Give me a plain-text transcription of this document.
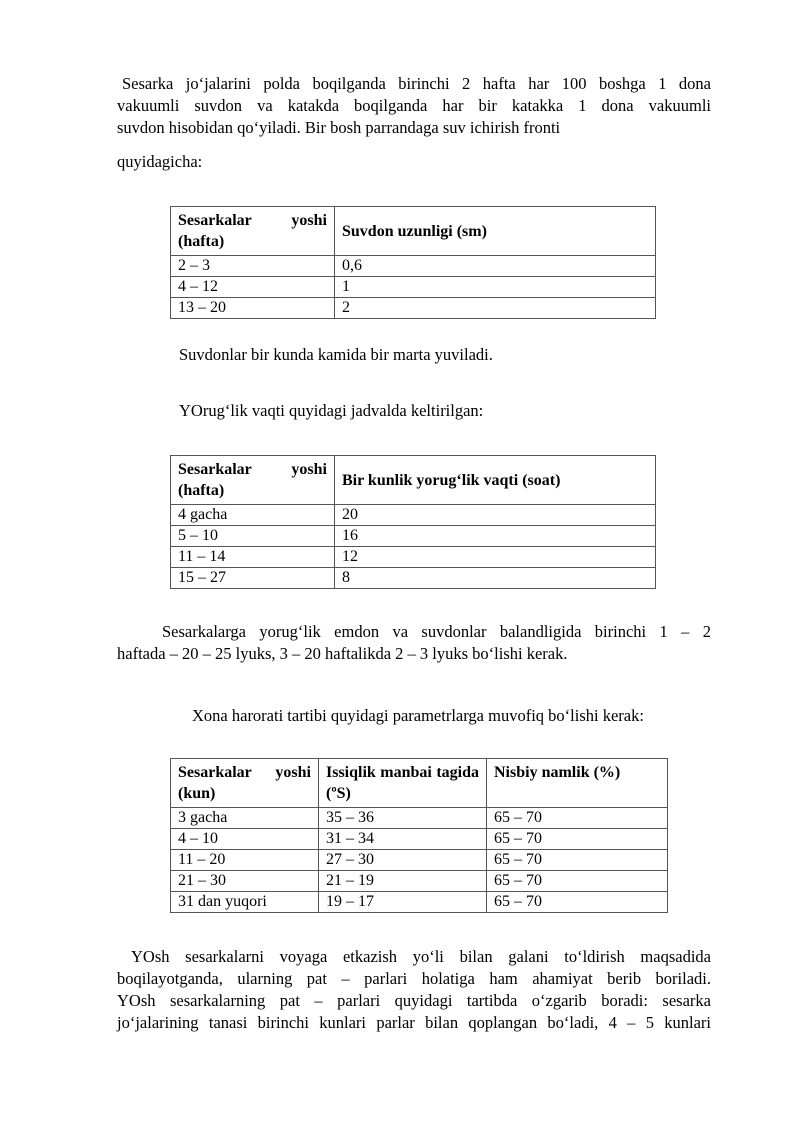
Sesarka jo‘jalarini polda boqilganda birinchi 2 hafta har 100 boshga 1 dona
vakuumli suvdon va katakda boqilganda har bir katakka 1 dona vakuumli
suvdon hisobidan qo‘yiladi. Bir bosh parrandaga suv ichirish fronti
quyidagicha:
Sesarkalar yoshi (hafta)	Suvdon uzunligi (sm)
2 – 3	0,6
4 – 12	1
13 – 20	2
Suvdonlar bir kunda kamida bir marta yuviladi.
YOrug‘lik vaqti quyidagi jadvalda keltirilgan:
Sesarkalar yoshi (hafta)	Bir kunlik yorug‘lik vaqti (soat)
4 gacha	20
5 – 10	16
11 – 14	12
15 – 27	8
Sesarkalarga yorug‘lik emdon va suvdonlar balandligida birinchi 1 – 2
haftada – 20 – 25 lyuks, 3 – 20 haftalikda 2 – 3 lyuks bo‘lishi kerak.
Xona harorati tartibi quyidagi parametrlarga muvofiq bo‘lishi kerak:
Sesarkalar yoshi (kun)	Issiqlik manbai tagida (ºS)	Nisbiy namlik (%)
3 gacha	35 – 36	65 – 70
4 – 10	31 – 34	65 – 70
11 – 20	27 – 30	65 – 70
21 – 30	21 – 19	65 – 70
31 dan yuqori	19 – 17	65 – 70
YOsh sesarkalarni voyaga etkazish yo‘li bilan galani to‘ldirish maqsadida
boqilayotganda, ularning pat – parlari holatiga ham ahamiyat berib boriladi.
YOsh sesarkalarning pat – parlari quyidagi tartibda o‘zgarib boradi: sesarka
jo‘jalarining tanasi birinchi kunlari parlar bilan qoplangan bo‘ladi, 4 – 5 kunlari
